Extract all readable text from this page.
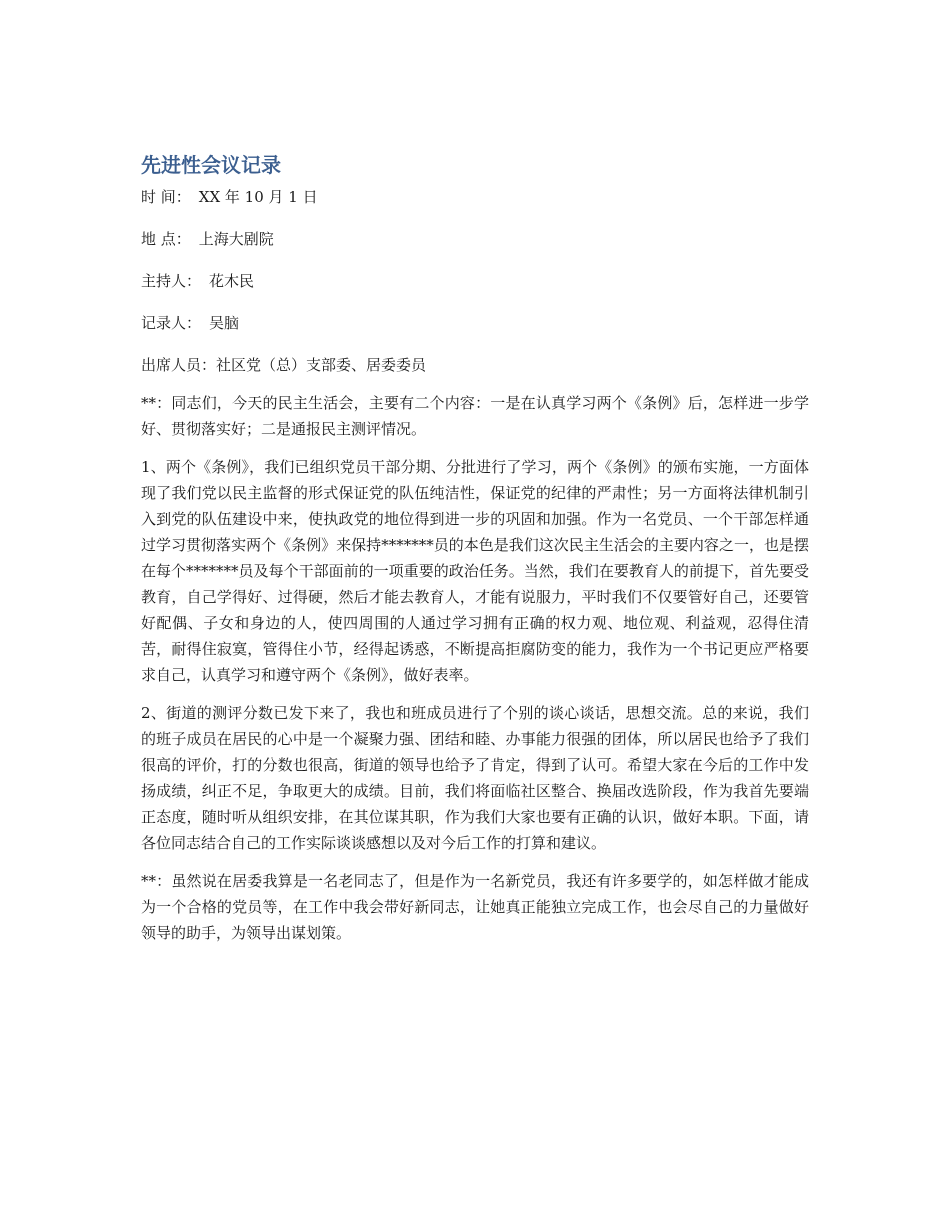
先进性会议记录
时 间： XX 年 10 月 1 日
地 点： 上海大剧院
主持人： 花木民
记录人： 吴脑
出席人员：社区党（总）支部委、居委委员

**：同志们，今天的民主生活会，主要有二个内容：一是在认真学习两个《条例》后，怎样进一步学好、贯彻落实好；二是通报民主测评情况。

1、两个《条例》，我们已组织党员干部分期、分批进行了学习，两个《条例》的颁布实施，一方面体现了我们党以民主监督的形式保证党的队伍纯洁性，保证党的纪律的严肃性；另一方面将法律机制引入到党的队伍建设中来，使执政党的地位得到进一步的巩固和加强。作为一名党员、一个干部怎样通过学习贯彻落实两个《条例》来保持*******员的本色是我们这次民主生活会的主要内容之一，也是摆在每个*******员及每个干部面前的一项重要的政治任务。当然，我们在要教育人的前提下，首先要受教育，自己学得好、过得硬，然后才能去教育人，才能有说服力，平时我们不仅要管好自己，还要管好配偶、子女和身边的人，使四周围的人通过学习拥有正确的权力观、地位观、利益观，忍得住清苦，耐得住寂寞，管得住小节，经得起诱惑，不断提高拒腐防变的能力，我作为一个书记更应严格要求自己，认真学习和遵守两个《条例》，做好表率。

2、街道的测评分数已发下来了，我也和班成员进行了个别的谈心谈话，思想交流。总的来说，我们的班子成员在居民的心中是一个凝聚力强、团结和睦、办事能力很强的团体，所以居民也给予了我们很高的评价，打的分数也很高，街道的领导也给予了肯定，得到了认可。希望大家在今后的工作中发扬成绩，纠正不足，争取更大的成绩。目前，我们将面临社区整合、换届改选阶段，作为我首先要端正态度，随时听从组织安排，在其位谋其职，作为我们大家也要有正确的认识，做好本职。下面，请各位同志结合自己的工作实际谈谈感想以及对今后工作的打算和建议。

**：虽然说在居委我算是一名老同志了，但是作为一名新党员，我还有许多要学的，如怎样做才能成为一个合格的党员等，在工作中我会带好新同志，让她真正能独立完成工作，也会尽自己的力量做好领导的助手，为领导出谋划策。
